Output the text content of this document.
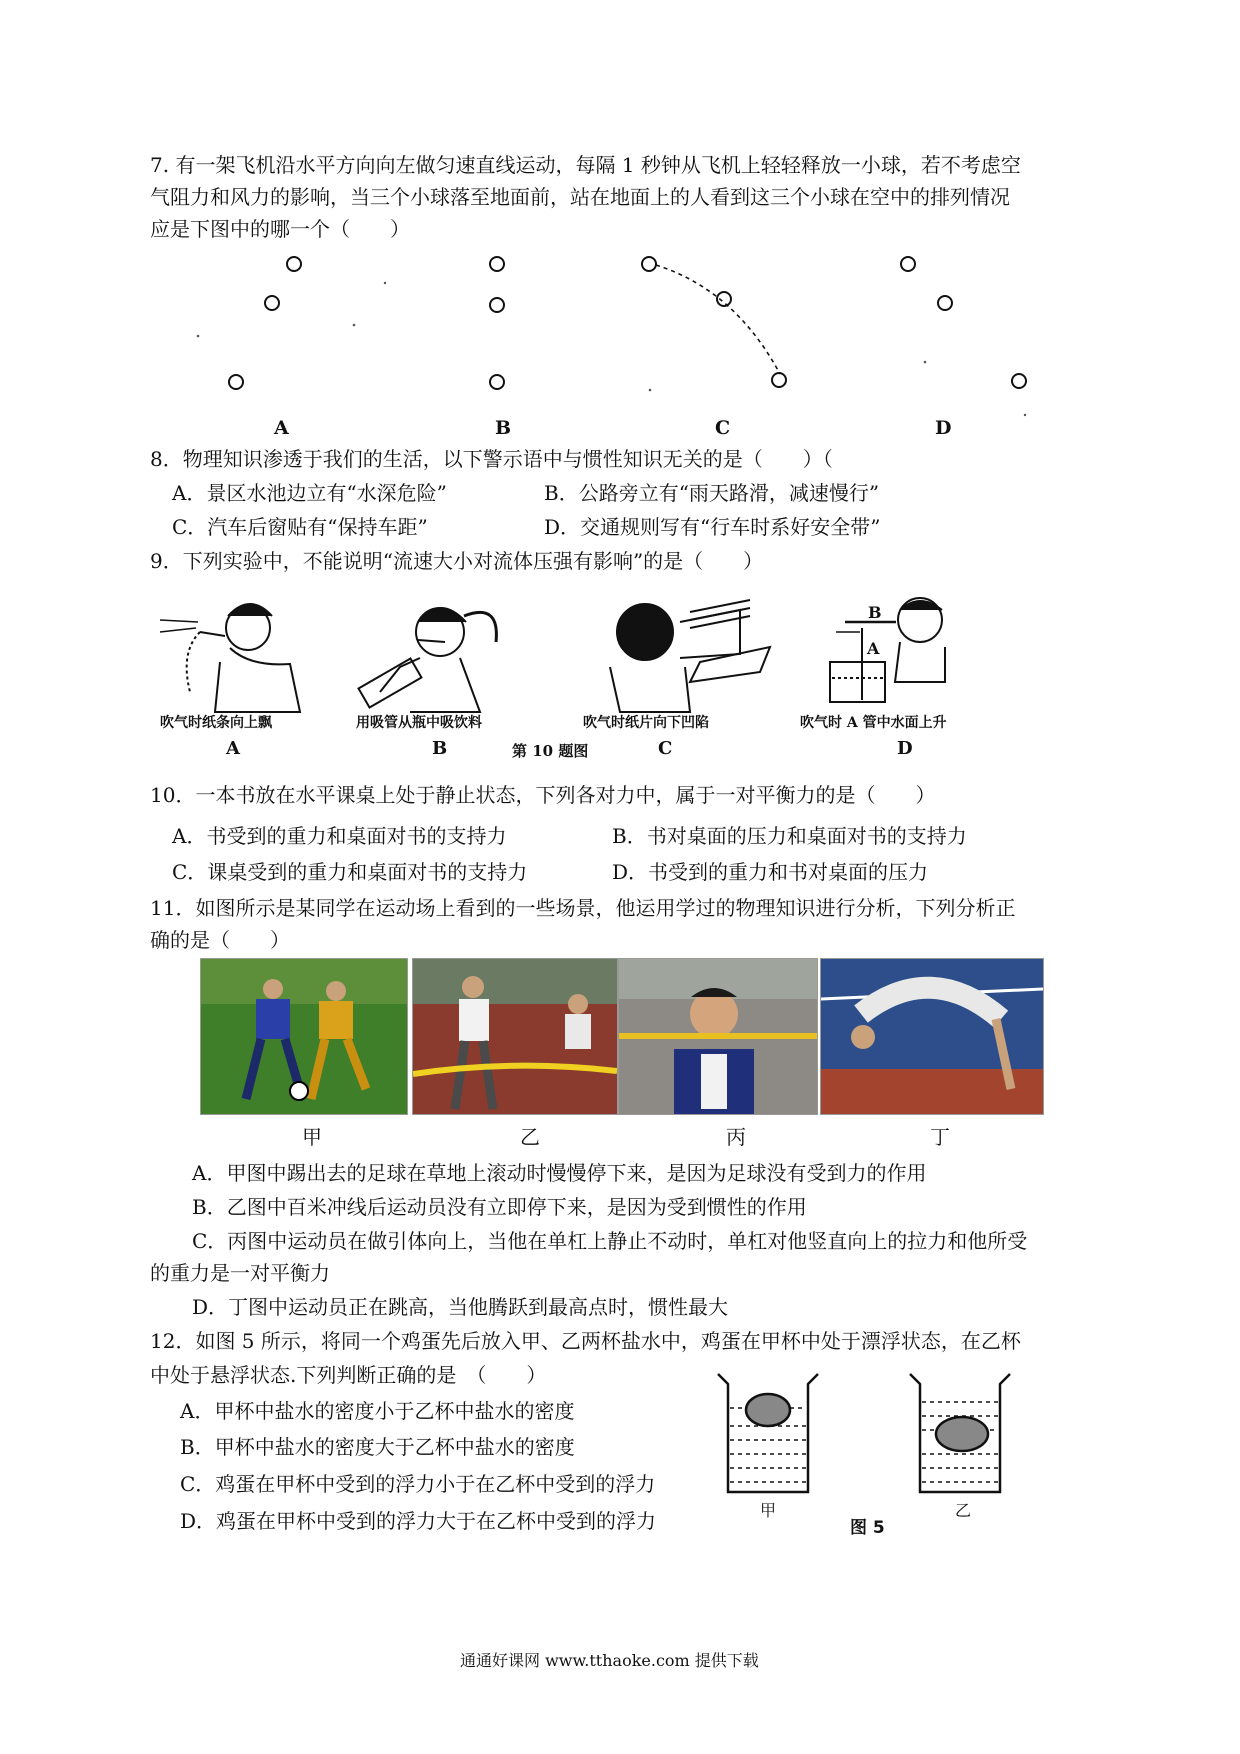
7. 有一架飞机沿水平方向向左做匀速直线运动，每隔 1 秒钟从飞机上轻轻释放一小球，若不考虑空
气阻力和风力的影响，当三个小球落至地面前，站在地面上的人看到这三个小球在空中的排列情况
应是下图中的哪一个（　　）
A	B	C	D
8．物理知识渗透于我们的生活，以下警示语中与惯性知识无关的是（　　）（
A．景区水池边立有“水深危险”	B．公路旁立有“雨天路滑，减速慢行”
C．汽车后窗贴有“保持车距”	D．交通规则写有“行车时系好安全带”
9．下列实验中，不能说明“流速大小对流体压强有影响”的是（　　）
B
A
吹气时纸条向上飘	用吸管从瓶中吸饮料	吹气时纸片向下凹陷	吹气时 A 管中水面上升
A	B	第 10 题图	C	D
10．一本书放在水平课桌上处于静止状态，下列各对力中，属于一对平衡力的是（　　）
A．书受到的重力和桌面对书的支持力	B．书对桌面的压力和桌面对书的支持力
C．课桌受到的重力和桌面对书的支持力	D．书受到的重力和书对桌面的压力
11．如图所示是某同学在运动场上看到的一些场景，他运用学过的物理知识进行分析，下列分析正
确的是（　　）
甲	乙	丙	丁
A．甲图中踢出去的足球在草地上滚动时慢慢停下来，是因为足球没有受到力的作用
B．乙图中百米冲线后运动员没有立即停下来，是因为受到惯性的作用
C．丙图中运动员在做引体向上，当他在单杠上静止不动时，单杠对他竖直向上的拉力和他所受
的重力是一对平衡力
D．丁图中运动员正在跳高，当他腾跃到最高点时，惯性最大
12．如图 5 所示，将同一个鸡蛋先后放入甲、乙两杯盐水中，鸡蛋在甲杯中处于漂浮状态，在乙杯
中处于悬浮状态.下列判断正确的是　（　　）
A．甲杯中盐水的密度小于乙杯中盐水的密度
B．甲杯中盐水的密度大于乙杯中盐水的密度
C．鸡蛋在甲杯中受到的浮力小于在乙杯中受到的浮力
D．鸡蛋在甲杯中受到的浮力大于在乙杯中受到的浮力	甲	乙
图 5
通通好课网 www.tthaoke.com 提供下载
